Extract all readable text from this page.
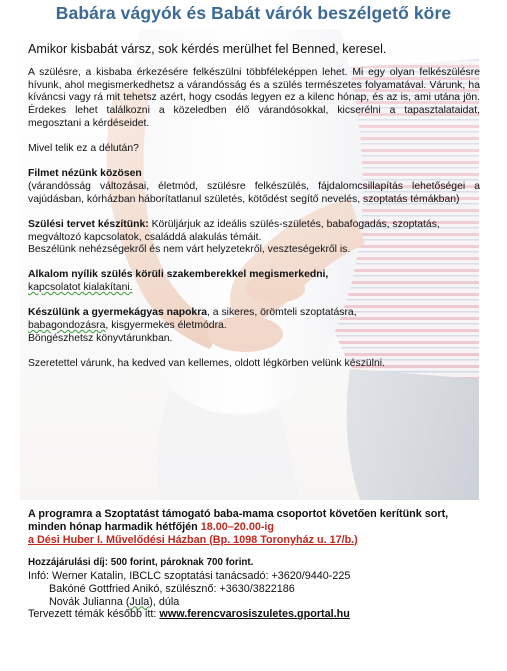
Babára vágyók és Babát várók beszélgető köre

Amikor kisbabát vársz, sok kérdés merülhet fel Benned, keresel.

A szülésre, a kisbaba érkezésére felkészülni többféleképpen lehet. Mi egy olyan felkészülésre hívunk, ahol megismerkedhetsz a várandósság és a szülés természetes folyamatával. Várunk, ha kíváncsi vagy rá mit tehetsz azért, hogy csodás legyen ez a kilenc hónap, és az is, ami utána jön. Érdekes lehet találkozni a közeledben élő várandósokkal, kicserélni a tapasztalataidat, megosztani a kérdéseidet.

Mivel telik ez a délután?

Filmet nézünk közösen

(várandósság változásai, életmód, szülésre felkészülés, fájdalomcsillapítás lehetőségei a vajúdásban, kórházban háborítatlanul születés, kötődést segítő nevelés, szoptatás témákban)

Szülési tervet készítünk: Körüljárjuk az ideális szülés-születés, babafogadás, szoptatás, megváltozó kapcsolatok, családdá alakulás témáit.

Beszélünk nehézségekről és nem várt helyzetekről, veszteségekről is.

Alkalom nyílik szülés körüli szakemberekkel megismerkedni,

kapcsolatot kialakítani.

Készülünk a gyermekágyas napokra, a sikeres, örömteli szoptatásra,

babagondozásra, kisgyermekes életmódra.

Böngészhetsz könyvtárunkban.

Szeretettel várunk, ha kedved van kellemes, oldott légkörben velünk készülni.

A programra a Szoptatást támogató baba-mama csoportot követően kerítünk sort,

minden hónap harmadik hétfőjén 18.00–20.00-ig

a Dési Huber I. Művelődési Házban (Bp. 1098 Toronyház u. 17/b.)

Hozzájárulási díj: 500 forint, pároknak 700 forint.

Infó: Werner Katalin, IBCLC szoptatási tanácsadó: +3620/9440-225

Bakóné Gottfried Anikó, szülésznő: +3630/3822186

Novák Julianna (Jula), dúla

Tervezett témák később itt: www.ferencvarosiszuletes.gportal.hu
